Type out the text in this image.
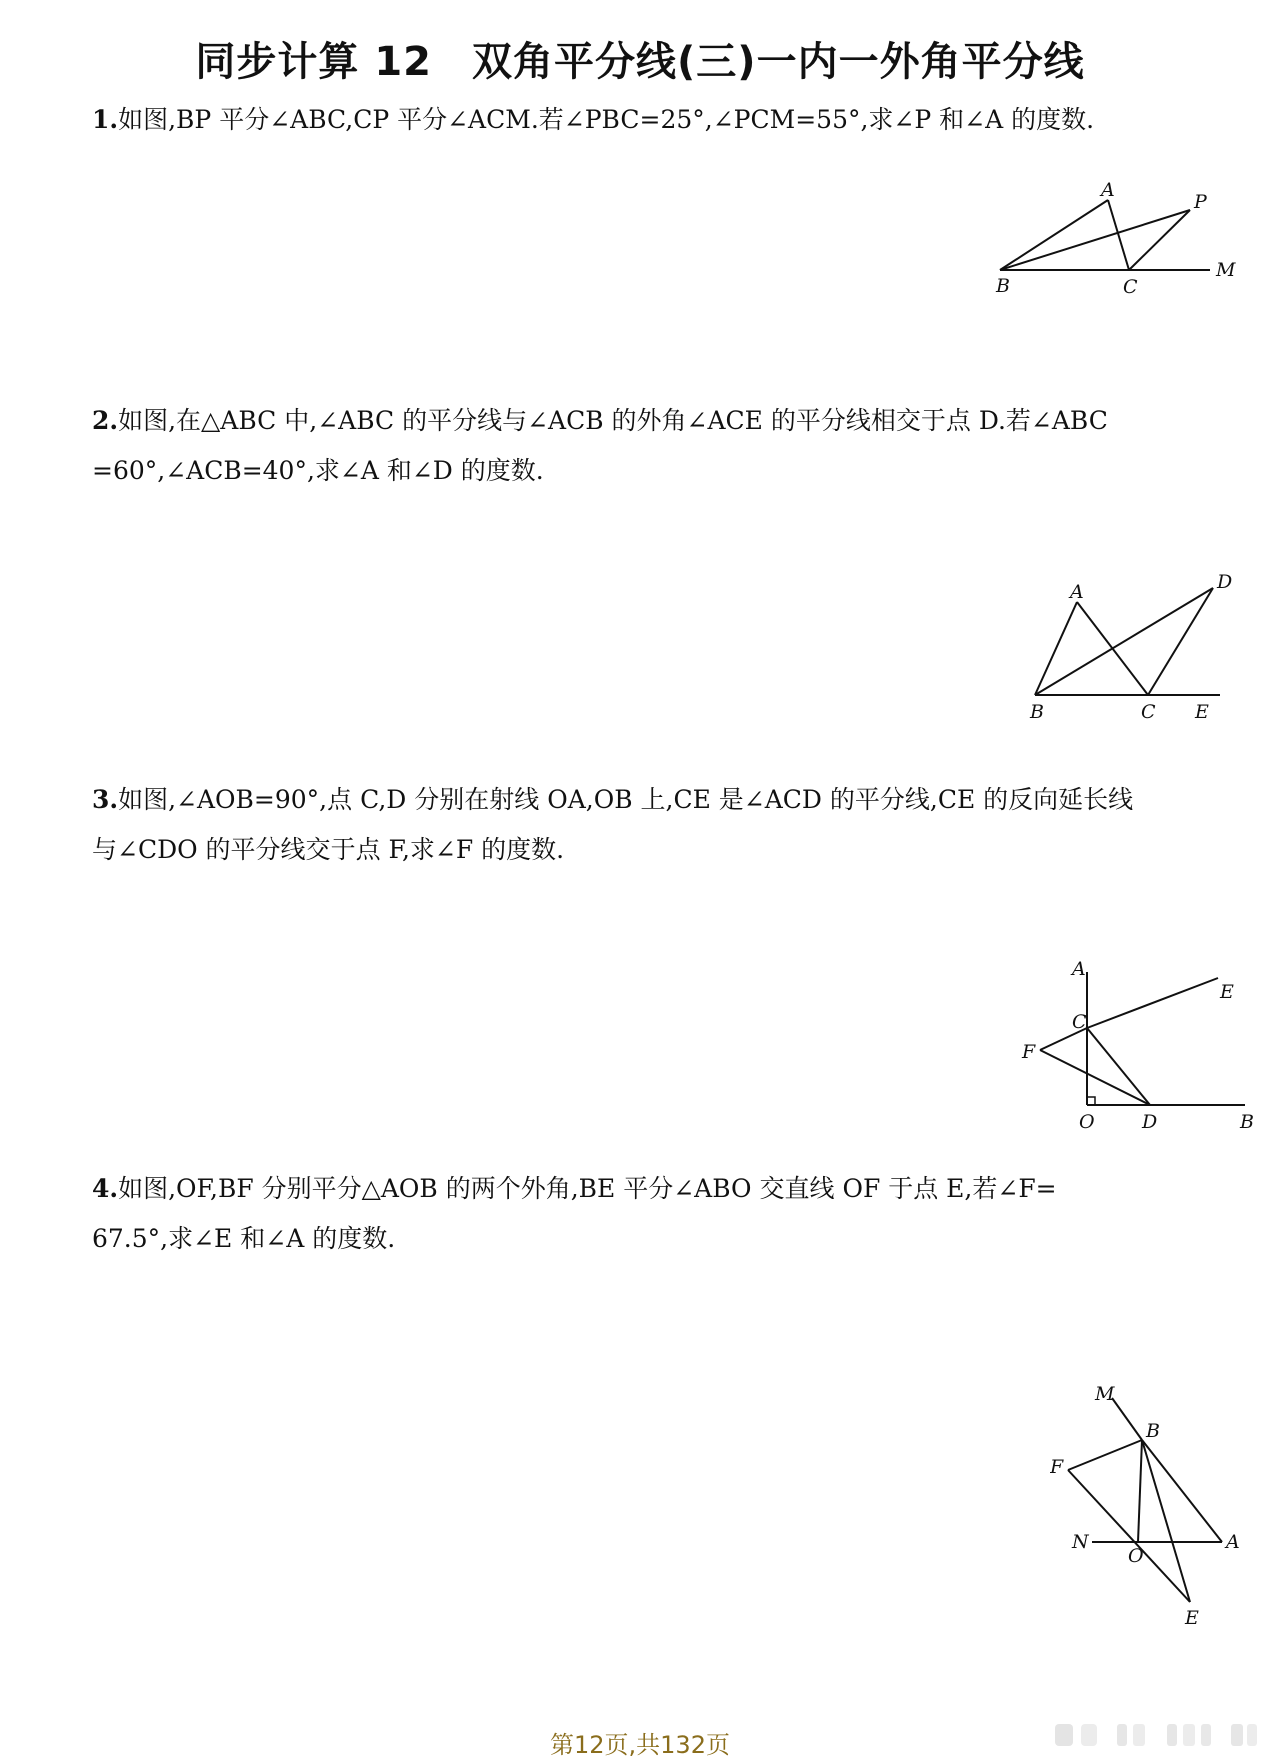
同步计算 12 双角平分线(三)一内一外角平分线
1.如图,BP 平分∠ABC,CP 平分∠ACM.若∠PBC=25°,∠PCM=55°,求∠P 和∠A 的度数.
A
P
B	C
M
2.如图,在△ABC 中,∠ABC 的平分线与∠ACB 的外角∠ACE 的平分线相交于点 D.若∠ABC
=60°,∠ACB=40°,求∠A 和∠D 的度数.
A	D
B	C E
3.如图,∠AOB=90°,点 C,D 分别在射线 OA,OB 上,CE 是∠ACD 的平分线,CE 的反向延长线
与∠CDO 的平分线交于点 F,求∠F 的度数.
A
E
C
F
O D	B
4.如图,OF,BF 分别平分△AOB 的两个外角,BE 平分∠ABO 交直线 OF 于点 E,若∠F=
67.5°,求∠E 和∠A 的度数.
M
B
F
N
O
A
E
第12页,共132页
